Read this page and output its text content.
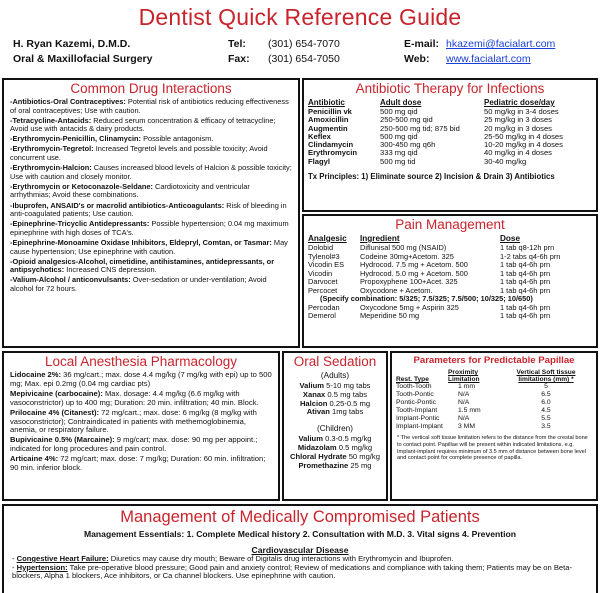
Dentist Quick Reference Guide
H. Ryan Kazemi, D.M.D.
Oral & Maxillofacial Surgery
Tel: (301) 654-7070
Fax: (301) 654-7050
E-mail: hkazemi@facialart.com
Web: www.facialart.com
Common Drug Interactions

-Antibiotics-Oral Contraceptives: Potential risk of antibiotics reducing effectiveness of oral contraceptives; Use with caution.

-Tetracycline-Antacids: Reduced serum concentration & efficacy of tetracycline; Avoid use with antacids & dairy products.

-Erythromycin-Penicillin, Clinamycin: Possible antagonism.

-Erythromycin-Tegretol: Increased Tegretol levels and possible toxicity; Avoid concurrent use.

-Erythromycin-Halcion: Causes increased blood levels of Halcion & possible toxicity; Use with caution and closely monitor.

-Erythromycin or Ketoconazole-Seldane: Cardiotoxicity and ventricular arrhythmias; Avoid these combinations.

-Ibuprofen, ANSAID's or macrolid antibiotics-Anticoagulants: Risk of bleeding in anti-coagulated patients; Use caution.

-Epinephrine-Tricyclic Antidepressants: Possible hypertension; 0.04 mg maximum epinephrine with high doses of TCA's.

-Epinephrine-Monoamine Oxidase Inhibitors, Eldepryl, Comtan, or Tasmar: May cause hypertension; Use epinephrine with caution.

-Opioid analgesics-Alcohol, cimetidine, antihistamines, antidepressants, or antipsychotics: Increased CNS depression.

-Valium-Alcohol / anticonvulsants: Over-sedation or under-ventilation; Avoid alcohol for 72 hours.

Antibiotic Therapy for Infections
Antibiotic	Adult dose	Pediatric dose/day
Penicillin vk	500 mg qid	50 mg/kg in 3-4 doses
Amoxicillin	250-500 mg qid	25 mg/kg in 3 doses
Augmentin	250-500 mg tid; 875 bid	20 mg/kg in 3 doses
Keflex	500 mg qid	25-50 mg/kg in 4 doses
Clindamycin	300-450 mg q6h	10-20 mg/kg in 4 doses
Erythromycin	333 mg qid	40 mg/kg in 4 doses
Flagyl	500 mg tid	30-40 mg/kg
Tx Principles: 1) Eliminate source 2) Incision & Drain 3) Antibiotics
Pain Management
Analgesic	Ingredient	Dose
Dolobid	Diflunisal 500 mg (NSAID)	1 tab q8-12h prn
Tylenol#3	Codeine 30mg+Acetom. 325	1-2 tabs q4-6h prn
Vicodin ES	Hydrocod. 7.5 mg + Acetom. 500	1 tab q4-6h prn
Vicodin	Hydrocod. 5.0 mg + Acetom. 500	1 tab q4-6h prn
Darvocet	Propoxyphene 100+Acet. 325	1 tab q4-6h prn
Percocet	Oxycodone + Acetom.	1 tab q4-6h prn
(Specify combination: 5/325; 7.5/325; 7.5/500; 10/325; 10/650)		
Percodan	Oxycodone 5mg + Aspirin 325	1 tab q4-6h prn
Demerol	Meperidine 50 mg	1 tab q4-6h prn
Local Anesthesia Pharmacology

Lidocaine 2%: 36 mg/cart.; max. dose 4.4 mg/kg (7 mg/kg with epi) up to 500 mg; Max. epi 0.2mg (0.04 mg cardiac pts)

Mepivicaine (carbocaine): Max. dosage: 4.4 mg/kg (6.6 mg/kg with vasoconstrictor) up to 400 mg; Duration: 20 min. infiltration; 40 min. Block.

Prilocaine 4% (Citanest): 72 mg/cart.; max. dose: 6 mg/kg (8 mg/kg with vasoconstrictor); Contraindicated in patients with methemoglobinemia, anemia, or respiratory failure.

Bupivicaine 0.5% (Marcaine): 9 mg/cart; max. dose: 90 mg per appoint.; indicated for long procedures and pain control.

Articaine 4%: 72 mg/cart; max. dose: 7 mg/kg; Duration: 60 min. infiltration; 90 min. inferior block.

Oral Sedation
(Adults)
Valium 5-10 mg tabs
Xanax 0.5 mg tabs
Halcion 0.25-0.5 mg
Ativan 1mg tabs
(Children)
Valium 0.3-0.5 mg/kg
Midazolam 0.5 mg/kg
Chloral Hydrate 50 mg/kg
Promethazine 25 mg
Parameters for Predictable Papillae
Rest. Type	Proximity Limitation	Vertical Soft tissue limitations (mm) *
Tooth-Tooth	1 mm	5
Tooth-Pontic	N/A	6.5
Pontic-Pontic	N/A	6.0
Tooth-Implant	1.5 mm	4.5
Implant-Pontic	N/A	5.5
Implant-Implant	3 MM	3.5
* The vertical soft tissue limitation refers to the distance from the crestal bone to contact point. Papillae will be present within indicated limitations. e.g. Implant-implant requires minimum of 3.5 mm of distance between bone level and contact point for complete presence of papilla.
Management of Medically Compromised Patients
Management Essentials: 1. Complete Medical history 2. Consultation with M.D. 3. Vital signs 4. Prevention
Cardiovascular Disease
- Congestive Heart Failure: Diuretics may cause dry mouth; Beware of Digitalis drug interactions with Erythromycin and Ibuprofen.
- Hypertension: Take pre-operative blood pressure; Good pain and anxiety control; Review of medications and compliance with taking them; Patients may be on Beta-blockers, Alpha 1 blockers, Ace inhibitors, or Ca channel blockers. Use epinephrine with caution.
